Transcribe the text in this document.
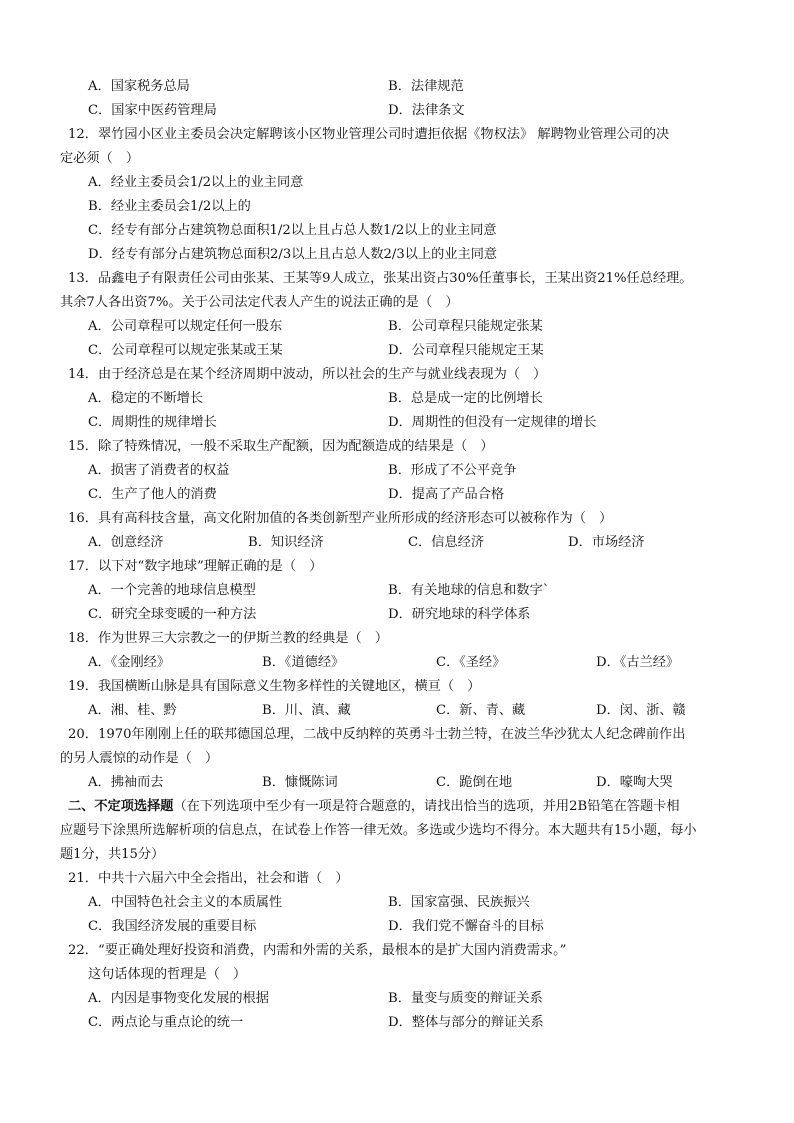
A．国家税务总局	B．法律规范
C．国家中医药管理局	D．法律条文
12．翠竹园小区业主委员会决定解聘该小区物业管理公司时遭拒依据《物权法》 解聘物业管理公司的决
定必须（　）
A．经业主委员会1/2以上的业主同意
B．经业主委员会1/2以上的
C．经专有部分占建筑物总面积1/2以上且占总人数1/2以上的业主同意
D．经专有部分占建筑物总面积2/3以上且占总人数2/3以上的业主同意
13．品鑫电子有限责任公司由张某、王某等9人成立，张某出资占30%任董事长，王某出资21%任总经理。
其余7人各出资7%。关于公司法定代表人产生的说法正确的是（　）
A．公司章程可以规定任何一股东	B．公司章程只能规定张某
C．公司章程可以规定张某或王某	D．公司章程只能规定王某
14．由于经济总是在某个经济周期中波动，所以社会的生产与就业线表现为（　）
A．稳定的不断增长	B．总是成一定的比例增长
C．周期性的规律增长	D．周期性的但没有一定规律的增长
15．除了特殊情况，一般不采取生产配额，因为配额造成的结果是（　）
A．损害了消费者的权益	B．形成了不公平竞争
C．生产了他人的消费	D．提高了产品合格
16．具有高科技含量，高文化附加值的各类创新型产业所形成的经济形态可以被称作为（　）
A．创意经济	B．知识经济	C．信息经济	D．市场经济
17．以下对“数字地球”理解正确的是（　）
A．一个完善的地球信息模型	B．有关地球的信息和数字`
C．研究全球变暖的一种方法	D．研究地球的科学体系
18．作为世界三大宗教之一的伊斯兰教的经典是（　）
A．《金刚经》	B．《道德经》	C．《圣经》	D．《古兰经》
19．我国横断山脉是具有国际意义生物多样性的关键地区，横亘（　）
A．湘、桂、黔	B．川、滇、藏	C．新、青、藏	D．闵、浙、赣
20．1970年刚刚上任的联邦德国总理，二战中反纳粹的英勇斗士勃兰特，在波兰华沙犹太人纪念碑前作出
的另人震惊的动作是（　）
A．拂袖而去	B．慷慨陈词	C．跪倒在地	D．嚎啕大哭
二、不定项选择题（在下列选项中至少有一项是符合题意的，请找出恰当的选项，并用2B铅笔在答题卡相
应题号下涂黑所选解析项的信息点，在试卷上作答一律无效。多选或少选均不得分。本大题共有15小题，每小
题1分，共15分）
21．中共十六届六中全会指出，社会和谐（　）
A．中国特色社会主义的本质属性	B．国家富强、民族振兴
C．我国经济发展的重要目标	D．我们党不懈奋斗的目标
22．“要正确处理好投资和消费，内需和外需的关系，最根本的是扩大国内消费需求。”
这句话体现的哲理是（　）
A．内因是事物变化发展的根据	B．量变与质变的辩证关系
C．两点论与重点论的统一	D．整体与部分的辩证关系
